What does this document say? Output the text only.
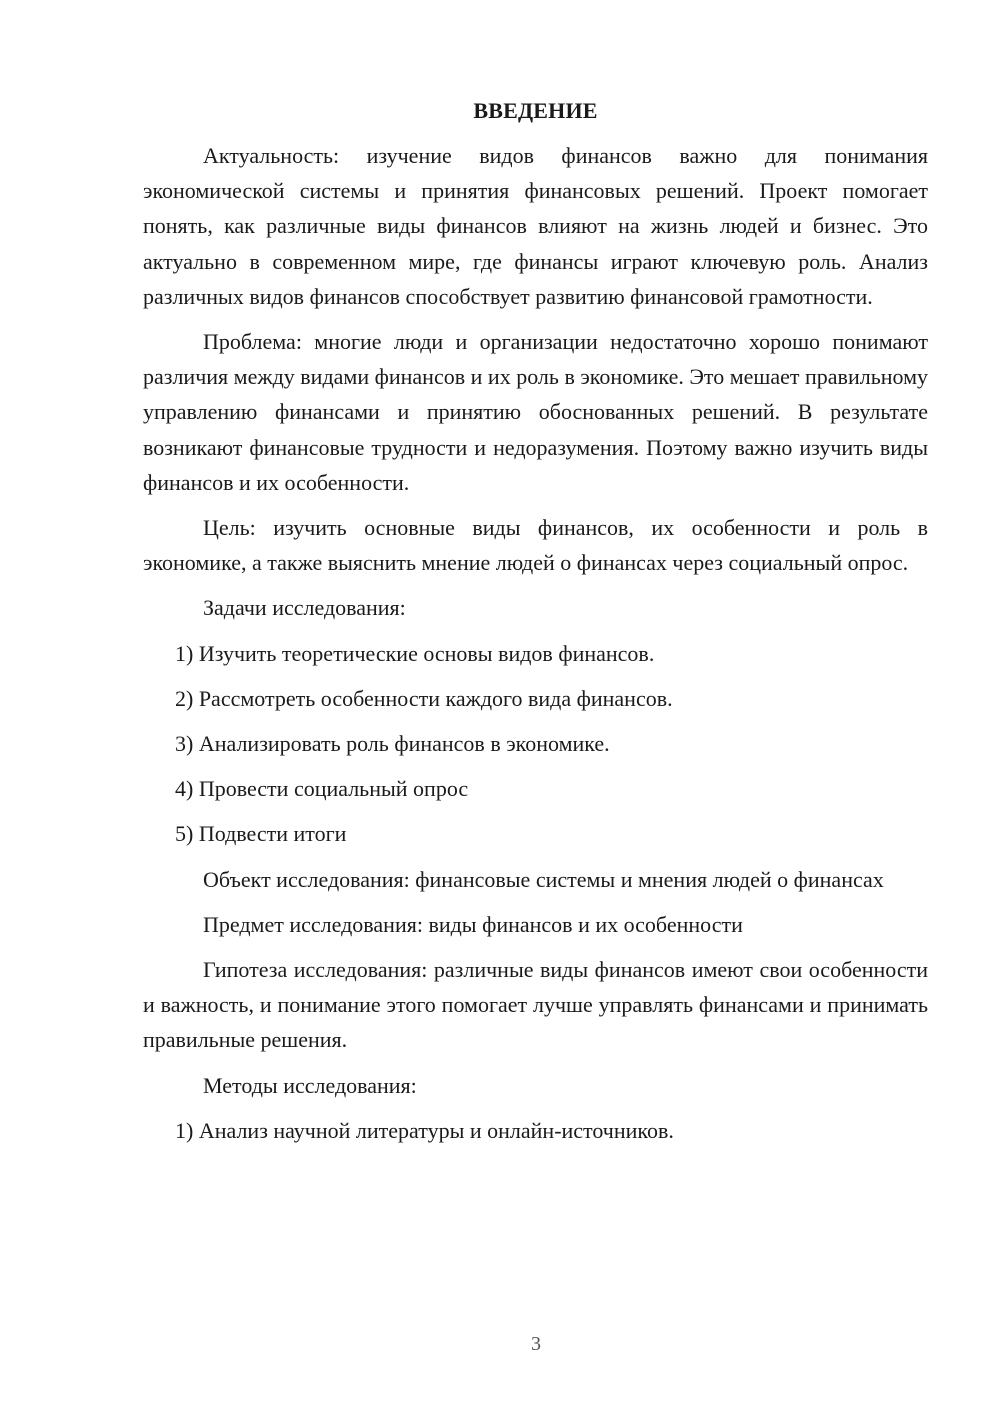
ВВЕДЕНИЕ

Актуальность: изучение видов финансов важно для понимания экономической системы и принятия финансовых решений. Проект помогает понять, как различные виды финансов влияют на жизнь людей и бизнес. Это актуально в современном мире, где финансы играют ключевую роль. Анализ различных видов финансов способствует развитию финансовой грамотности.

Проблема: многие люди и организации недостаточно хорошо понимают различия между видами финансов и их роль в экономике. Это мешает правильному управлению финансами и принятию обоснованных решений. В результате возникают финансовые трудности и недоразумения. Поэтому важно изучить виды финансов и их особенности.

Цель: изучить основные виды финансов, их особенности и роль в экономике, а также выяснить мнение людей о финансах через социальный опрос.

Задачи исследования:

1) Изучить теоретические основы видов финансов.

2) Рассмотреть особенности каждого вида финансов.

3) Анализировать роль финансов в экономике.

4) Провести социальный опрос

5) Подвести итоги

Объект исследования: финансовые системы и мнения людей о финансах

Предмет исследования: виды финансов и их особенности

Гипотеза исследования: различные виды финансов имеют свои особенности и важность, и понимание этого помогает лучше управлять финансами и принимать правильные решения.

Методы исследования:

1) Анализ научной литературы и онлайн-источников.

3
